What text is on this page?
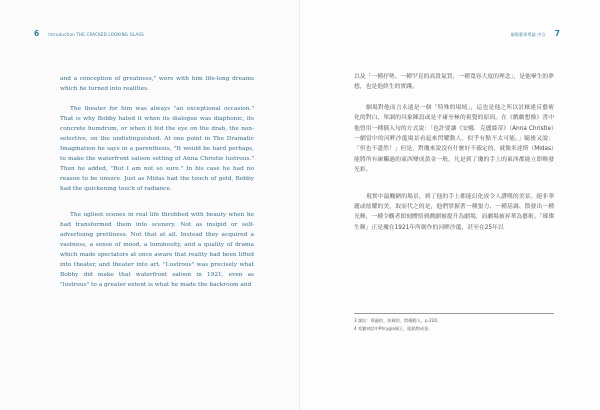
6 Introduction THE CRACKED LOOKING GLASS

and a conception of greatness," were with him life-long dreams which he turned into realities.

The theater for him was always "an exceptional occasion." That is why Bobby hated it when its dialogue was diaphonic, its concrete humdrum, or when it fed the eye on the drab, the non-selective, on the undistinguished. At one point in The Dramatic Imagination he says in a parenthesis, "It would be hard perhaps, to make the waterfront saloon setting of Anna Christie lustrous." Then he added, "But I am not so sure." In his case he had no reason to be unsure. Just as Midas had the touch of gold, Bobby had the quickening touch of radiance.

The ugliest scenes in real life throbbed with beauty when he had transformed them into scenery. Not as insipid or self-advertising prettiness. Not that at all. Instead they acquired a vastness, a sense of mood, a luminosity, and a quality of drama which made spectators at once aware that reality had been lifted into theater, and theater into art. "Lustrous" was precisely what Bobby did make that waterfront saloon in 1921, even as "lustrous" to a greater extent is what he made the backroom and

劇場藝術導論 序言 7

以及「一種抒勢、一種罕見的高貴氣質，一種寬容大度的理念」，是他畢生的夢想，也是他終生的實踐。

劇場對他而言永遠是一個「特殊的場域」，這也是他之所以討厭違反藝術化的對白、單調的具象陳設或是平庸至極的視覺的原因。在《戲劇想像》書中他曾用一種插入句的方式說：「也許要讓《安娜．克麗絲蒂》（Anna Christie）一劇當中的河畔沙龍場景看起來閃耀動人，似乎有點不太可能。」隨後又說：「但也不盡然！」但是，對瓊來說沒有什麼好不確定的，就像米達斯（Midas）能將所有碰觸過的東西變成黃金一般，凡是到了瓊的手上的東西都能立即煥發光彩。

現實中最醜陋的場景，到了他的手上都能幻化成令人讚嘆的美景。絕非華麗或炫耀的美，取而代之的是，他們掌握著一種張力、一種基調、散發出一種光輝，一種令觀者即刻體悟到戲劇被提升為劇場，而劇場被昇華為藝術。「璀璨生輝」正是瓊在1921年所創作的河畔沙龍，甚至在25年以

3 譯註：華麗的、炫耀的、閃耀動人。p.220。
4 希臘神話中Phrygia國王，能點物成金。
